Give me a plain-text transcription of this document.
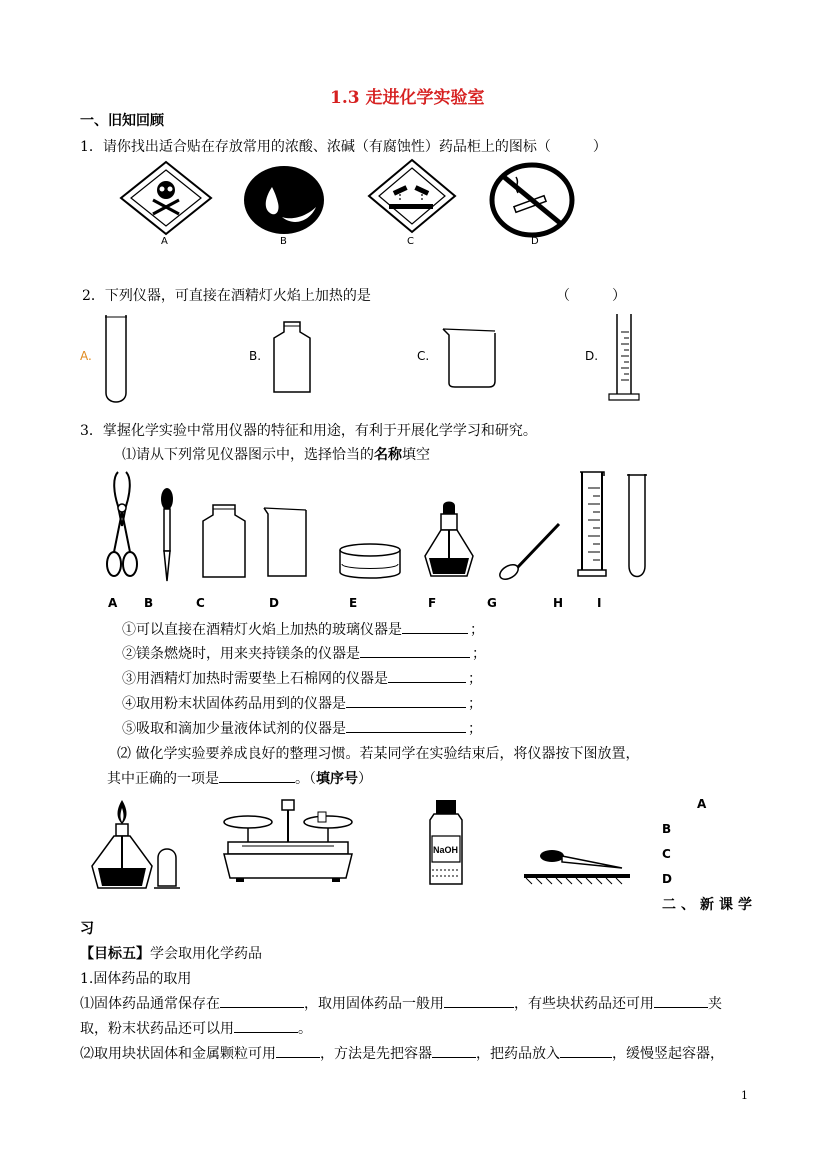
1.3 走进化学实验室
一、旧知回顾
1．请你找出适合贴在存放常用的浓酸、浓碱（有腐蚀性）药品柜上的图标（　　　）
A	B	C	D
2．下列仪器，可直接在酒精灯火焰上加热的是	（　　　）
A.	B.	C.	D.
3．掌握化学实验中常用仪器的特征和用途，有利于开展化学学习和研究。
⑴请从下列常见仪器图示中，选择恰当的名称填空
A B	C	D	E	F	G	H	I
①可以直接在酒精灯火焰上加热的玻璃仪器是	；
②镁条燃烧时，用来夹持镁条的仪器是	；
③用酒精灯加热时需要垫上石棉网的仪器是	；
④取用粉末状固体药品用到的仪器是	；
⑤吸取和滴加少量液体试剂的仪器是	；
⑵ 做化学实验要养成良好的整理习惯。若某同学在实验结束后，将仪器按下图放置，
其中正确的一项是	。（填序号）
NaOH
A
B
C
D
二、新课学
习
【目标五】学会取用化学药品
1.固体药品的取用
⑴固体药品通常保存在	，取用固体药品一般用	，有些块状药品还可用	夹
取，粉末状药品还可以用	。
⑵取用块状固体和金属颗粒可用	，方法是先把容器	，把药品放入	，缓慢竖起容器，
1
